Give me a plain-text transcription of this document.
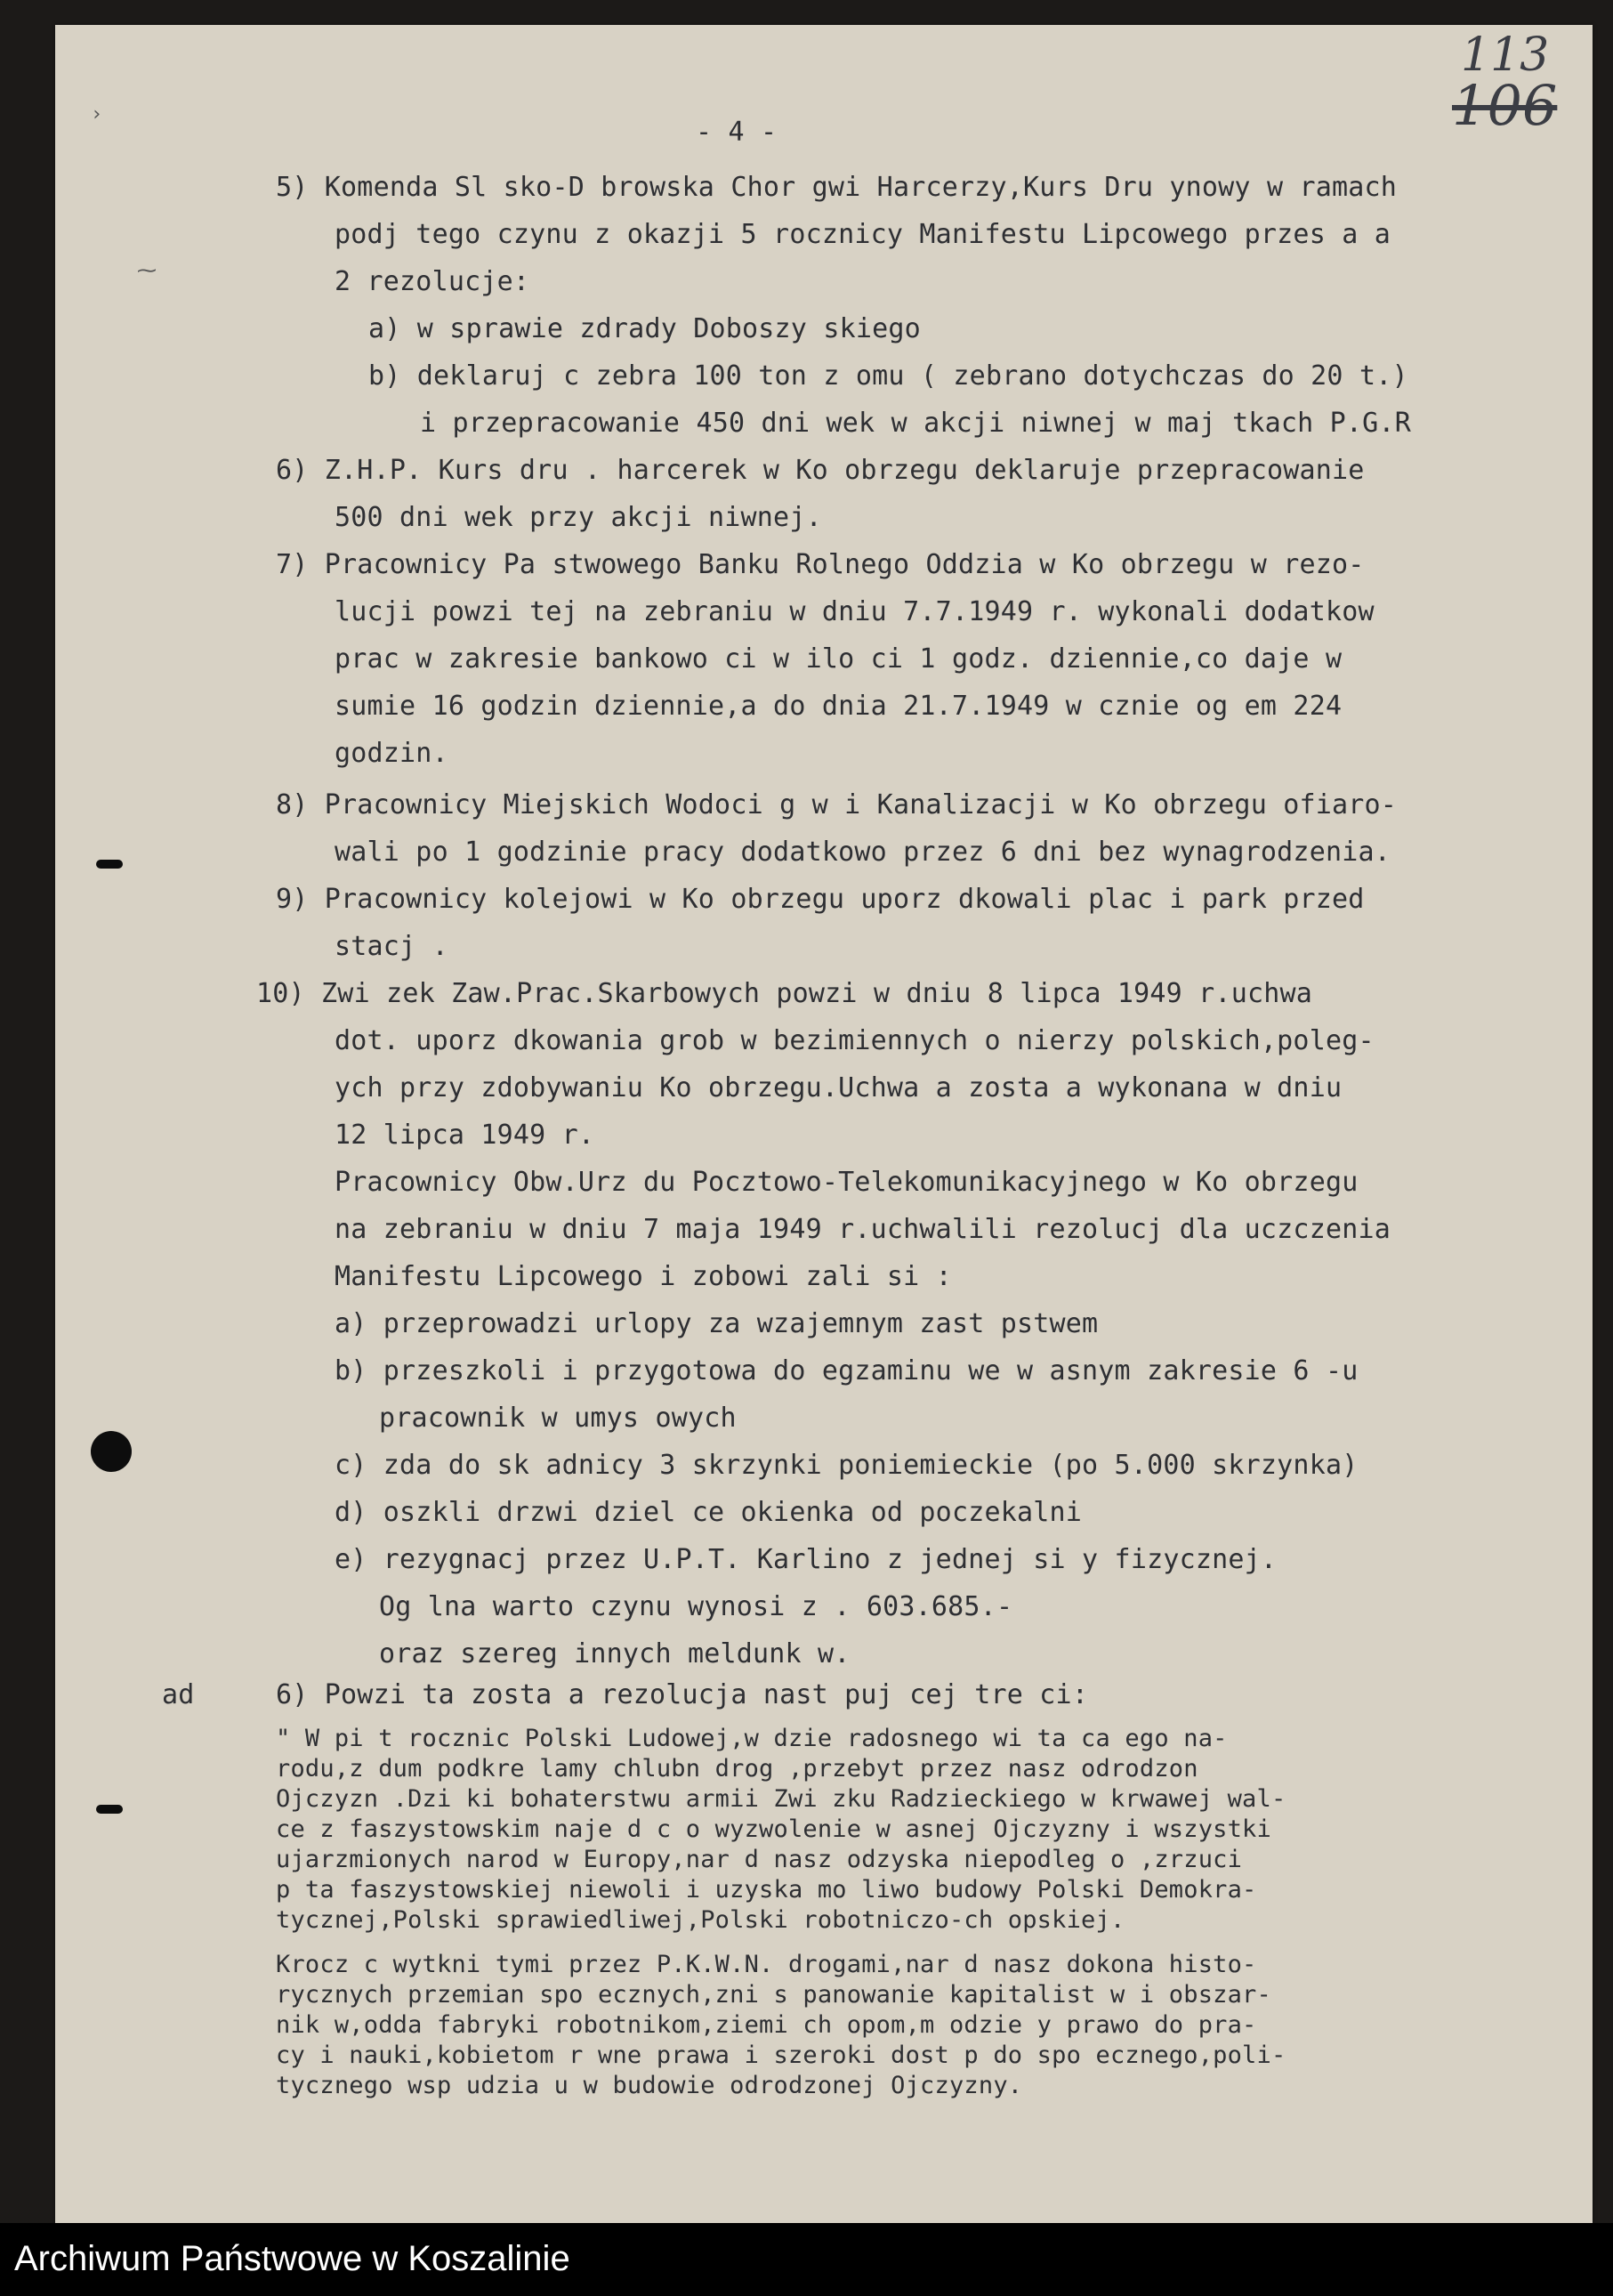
113
106
- 4 -
5) Komenda Sl sko-D browska Chor gwi Harcerzy,Kurs Dru ynowy w ramach
podj tego czynu z okazji 5 rocznicy Manifestu Lipcowego przes a a
2 rezolucje:
a) w sprawie zdrady Doboszy skiego
b) deklaruj c zebra 100 ton z omu ( zebrano dotychczas do 20 t.)
i przepracowanie 450 dni wek w akcji niwnej w maj tkach P.G.R
6) Z.H.P. Kurs dru . harcerek w Ko obrzegu deklaruje przepracowanie
500 dni wek przy akcji niwnej.
7) Pracownicy Pa stwowego Banku Rolnego Oddzia w Ko obrzegu w rezo-
lucji powzi tej na zebraniu w dniu 7.7.1949 r. wykonali dodatkow
prac w zakresie bankowo ci w ilo ci 1 godz. dziennie,co daje w
sumie 16 godzin dziennie,a do dnia 21.7.1949 w cznie og em 224
godzin.
8) Pracownicy Miejskich Wodoci g w i Kanalizacji w Ko obrzegu ofiaro-
wali po 1 godzinie pracy dodatkowo przez 6 dni bez wynagrodzenia.
9) Pracownicy kolejowi w Ko obrzegu uporz dkowali plac i park przed
stacj .
10) Zwi zek Zaw.Prac.Skarbowych powzi w dniu 8 lipca 1949 r.uchwa
dot. uporz dkowania grob w bezimiennych o nierzy polskich,poleg-
ych przy zdobywaniu Ko obrzegu.Uchwa a zosta a wykonana w dniu
12 lipca 1949 r.
Pracownicy Obw.Urz du Pocztowo-Telekomunikacyjnego w Ko obrzegu
na zebraniu w dniu 7 maja 1949 r.uchwalili rezolucj dla uczczenia
Manifestu Lipcowego i zobowi zali si :
a) przeprowadzi urlopy za wzajemnym zast pstwem
b) przeszkoli i przygotowa do egzaminu we w asnym zakresie 6 -u
pracownik w umys owych
c) zda do sk adnicy 3 skrzynki poniemieckie (po 5.000 skrzynka)
d) oszkli drzwi dziel ce okienka od poczekalni
e) rezygnacj przez U.P.T. Karlino z jednej si y fizycznej.
Og lna warto czynu wynosi z . 603.685.-
oraz szereg innych meldunk w.
ad	6) Powzi ta zosta a rezolucja nast puj cej tre ci:
" W pi t rocznic Polski Ludowej,w dzie radosnego wi ta ca ego na-
rodu,z dum podkre lamy chlubn drog ,przebyt przez nasz odrodzon
Ojczyzn .Dzi ki bohaterstwu armii Zwi zku Radzieckiego w krwawej wal-
ce z faszystowskim naje d c o wyzwolenie w asnej Ojczyzny i wszystki
ujarzmionych narod w Europy,nar d nasz odzyska niepodleg o ,zrzuci
p ta faszystowskiej niewoli i uzyska mo liwo budowy Polski Demokra-
tycznej,Polski sprawiedliwej,Polski robotniczo-ch opskiej.
Krocz c wytkni tymi przez P.K.W.N. drogami,nar d nasz dokona histo-
rycznych przemian spo ecznych,zni s panowanie kapitalist w i obszar-
nik w,odda fabryki robotnikom,ziemi ch opom,m odzie y prawo do pra-
cy i nauki,kobietom r wne prawa i szeroki dost p do spo ecznego,poli-
tycznego wsp udzia u w budowie odrodzonej Ojczyzny.
›
⁓
Archiwum Państwowe w Koszalinie
